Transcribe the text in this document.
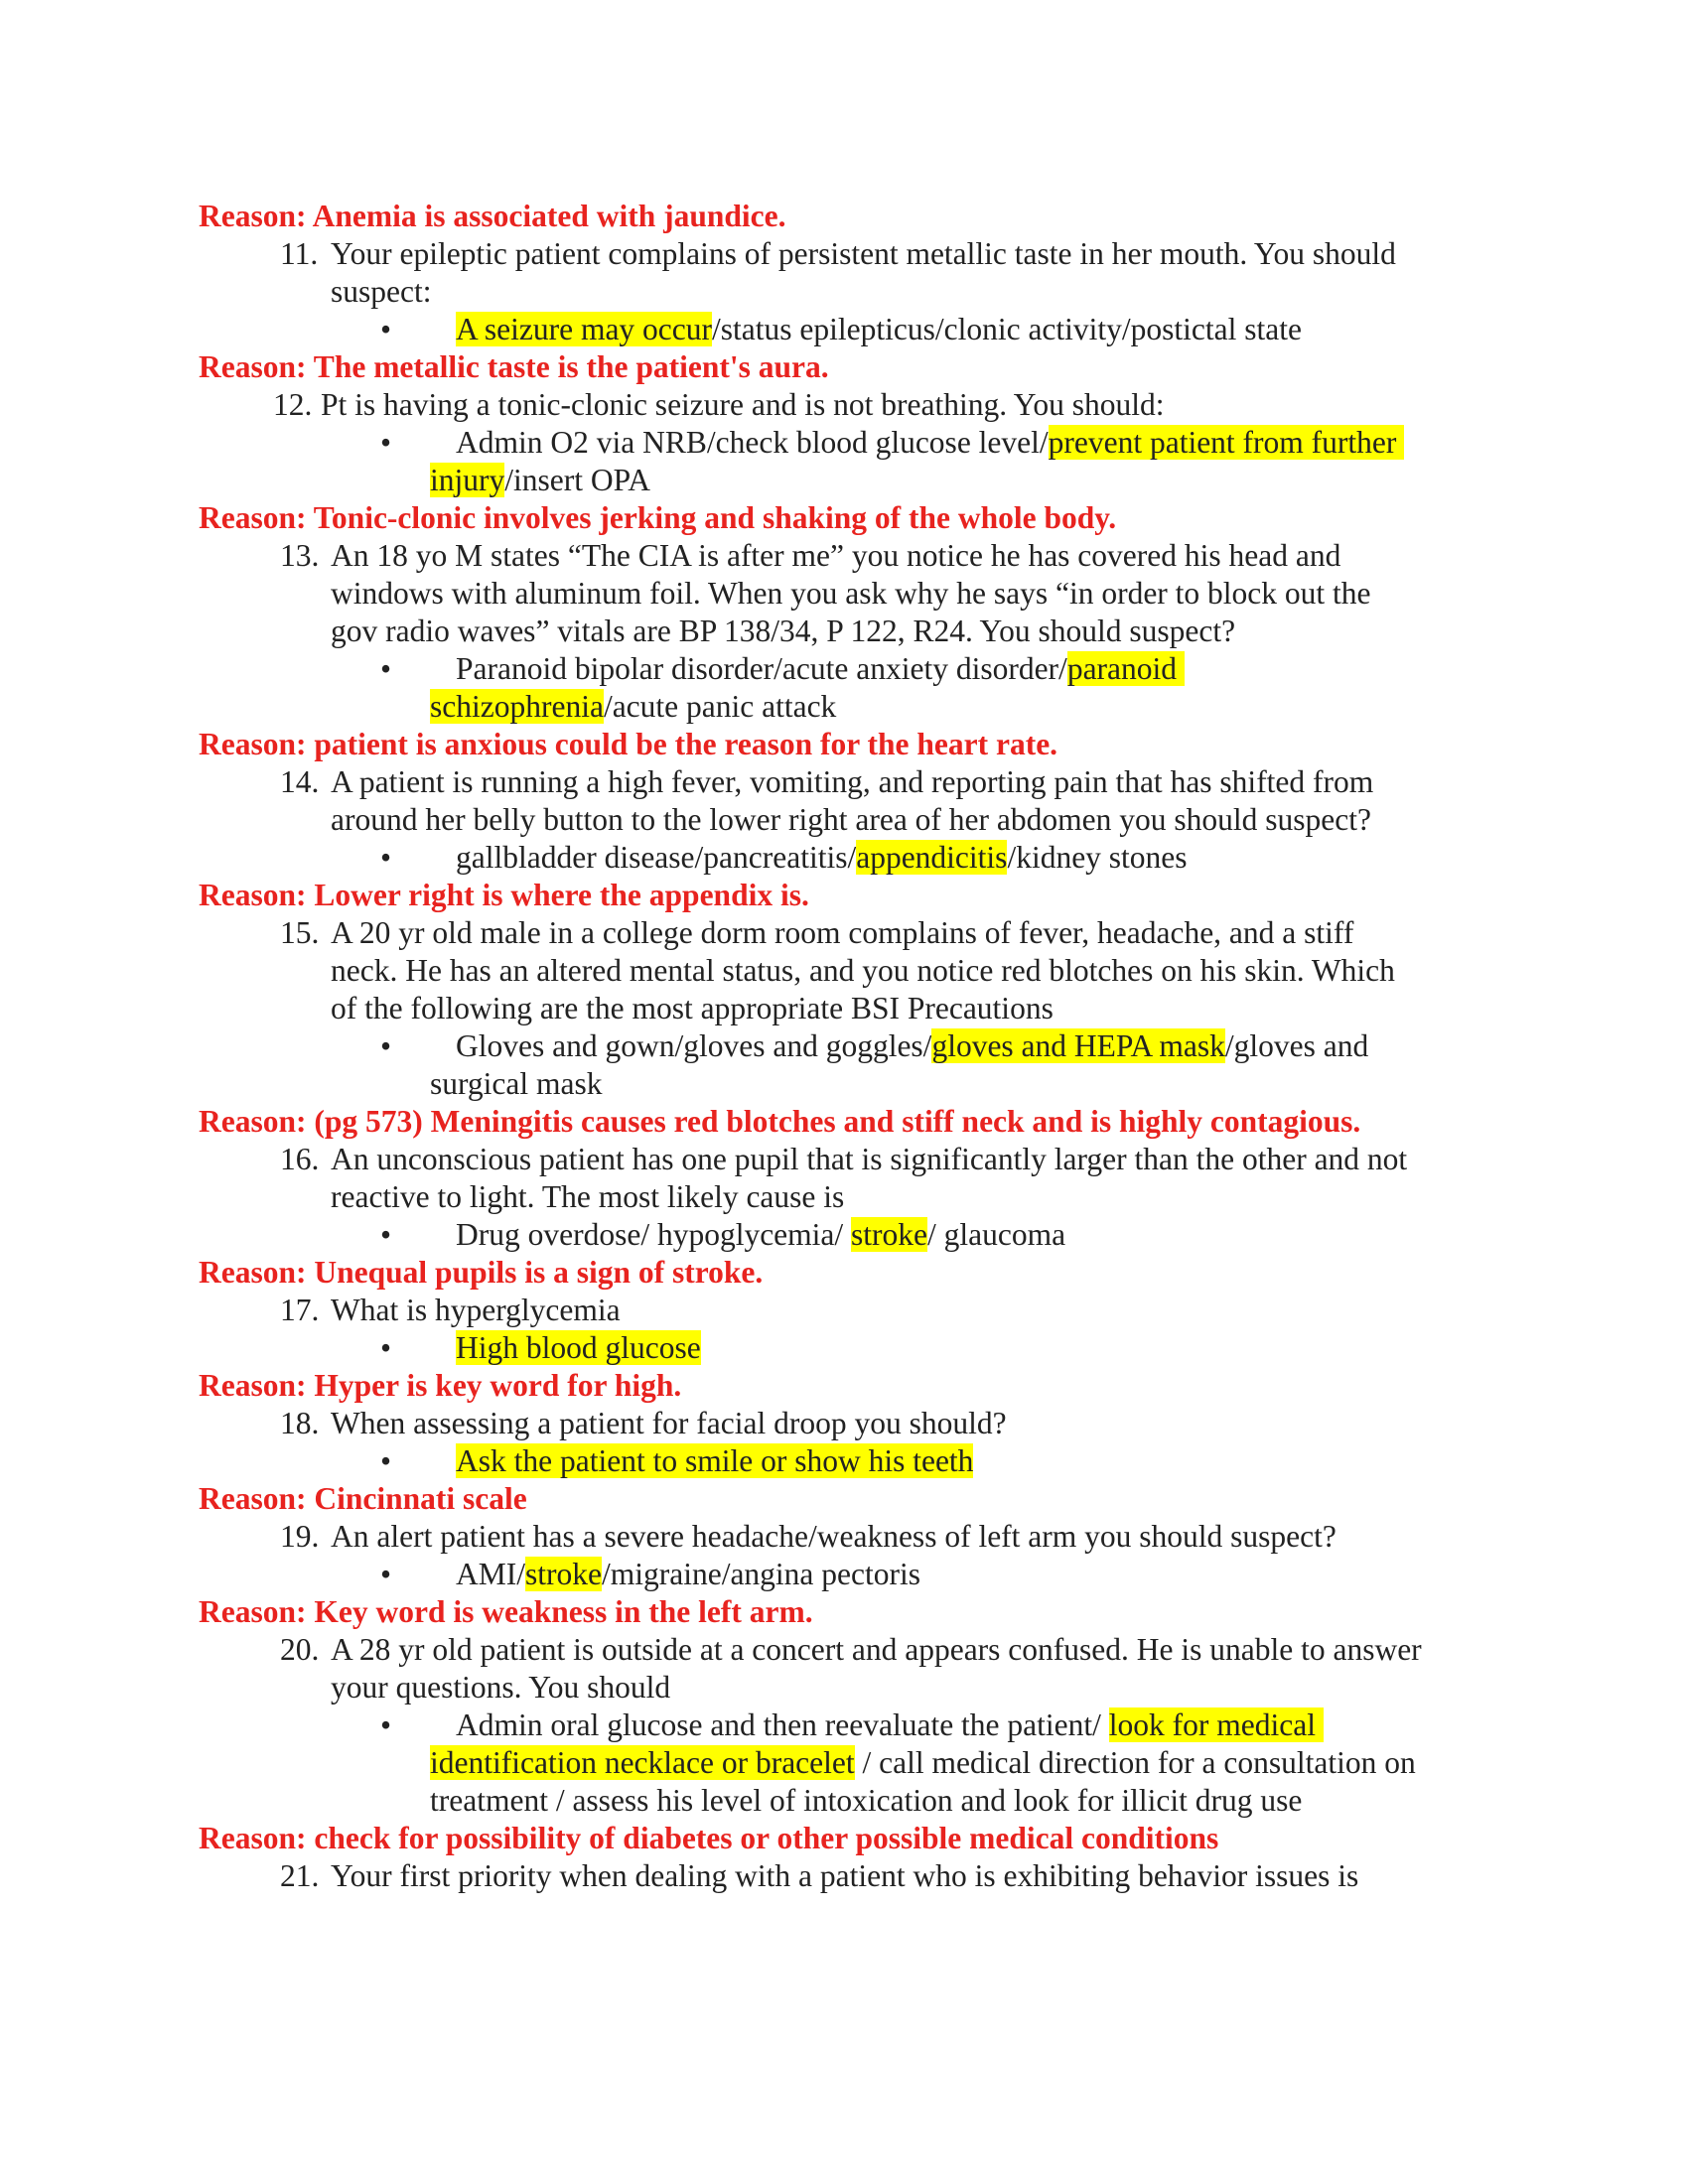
Reason: Anemia is associated with jaundice.
11. Your epileptic patient complains of persistent metallic taste in her mouth. You should
suspect:
• A seizure may occur/status epilepticus/clonic activity/postictal state
Reason: The metallic taste is the patient's aura.
12. Pt is having a tonic-clonic seizure and is not breathing. You should:
• Admin O2 via NRB/check blood glucose level/prevent patient from further
injury/insert OPA
Reason: Tonic-clonic involves jerking and shaking of the whole body.
13. An 18 yo M states “The CIA is after me” you notice he has covered his head and
windows with aluminum foil. When you ask why he says “in order to block out the
gov radio waves” vitals are BP 138/34, P 122, R24. You should suspect?
• Paranoid bipolar disorder/acute anxiety disorder/paranoid
schizophrenia/acute panic attack
Reason: patient is anxious could be the reason for the heart rate.
14. A patient is running a high fever, vomiting, and reporting pain that has shifted from
around her belly button to the lower right area of her abdomen you should suspect?
• gallbladder disease/pancreatitis/appendicitis/kidney stones
Reason: Lower right is where the appendix is.
15. A 20 yr old male in a college dorm room complains of fever, headache, and a stiff
neck. He has an altered mental status, and you notice red blotches on his skin. Which
of the following are the most appropriate BSI Precautions
• Gloves and gown/gloves and goggles/gloves and HEPA mask/gloves and
surgical mask
Reason: (pg 573) Meningitis causes red blotches and stiff neck and is highly contagious.
16. An unconscious patient has one pupil that is significantly larger than the other and not
reactive to light. The most likely cause is
• Drug overdose/ hypoglycemia/ stroke/ glaucoma
Reason: Unequal pupils is a sign of stroke.
17. What is hyperglycemia
• High blood glucose
Reason: Hyper is key word for high.
18. When assessing a patient for facial droop you should?
• Ask the patient to smile or show his teeth
Reason: Cincinnati scale
19. An alert patient has a severe headache/weakness of left arm you should suspect?
• AMI/stroke/migraine/angina pectoris
Reason: Key word is weakness in the left arm.
20. A 28 yr old patient is outside at a concert and appears confused. He is unable to answer
your questions. You should
• Admin oral glucose and then reevaluate the patient/ look for medical
identification necklace or bracelet / call medical direction for a consultation on
treatment / assess his level of intoxication and look for illicit drug use
Reason: check for possibility of diabetes or other possible medical conditions
21. Your first priority when dealing with a patient who is exhibiting behavior issues is
